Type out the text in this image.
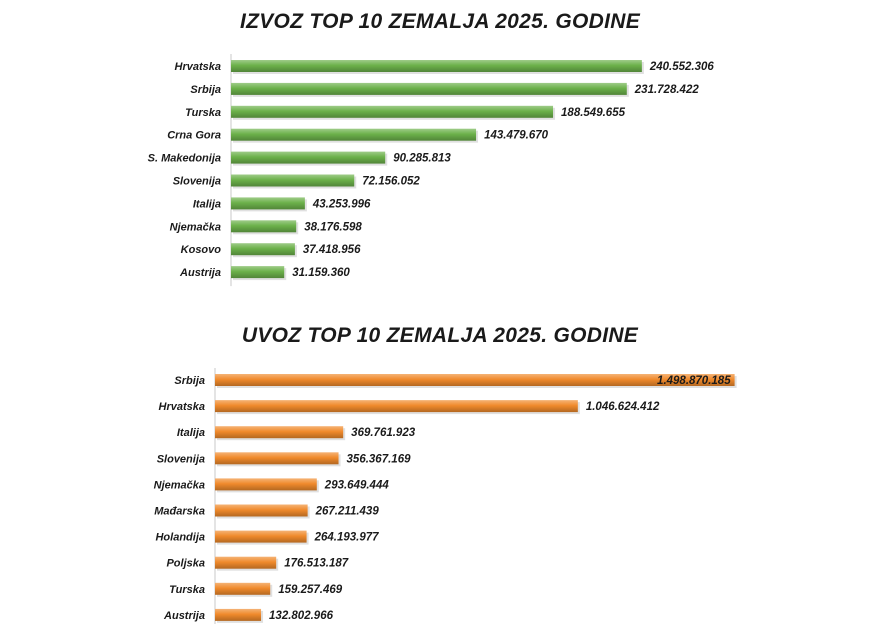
IZVOZ TOP 10 ZEMALJA 2025. GODINE
Hrvatska	240.552.306
Srbija	231.728.422
Turska	188.549.655
Crna Gora	143.479.670
S. Makedonija	90.285.813
Slovenija	72.156.052
Italija	43.253.996
Njemačka	38.176.598
Kosovo	37.418.956
Austrija	31.159.360
UVOZ TOP 10 ZEMALJA 2025. GODINE
Srbija	1.498.870.185
Hrvatska	1.046.624.412
Italija	369.761.923
Slovenija	356.367.169
Njemačka	293.649.444
Mađarska	267.211.439
Holandija	264.193.977
Poljska	176.513.187
Turska	159.257.469
Austrija	132.802.966
